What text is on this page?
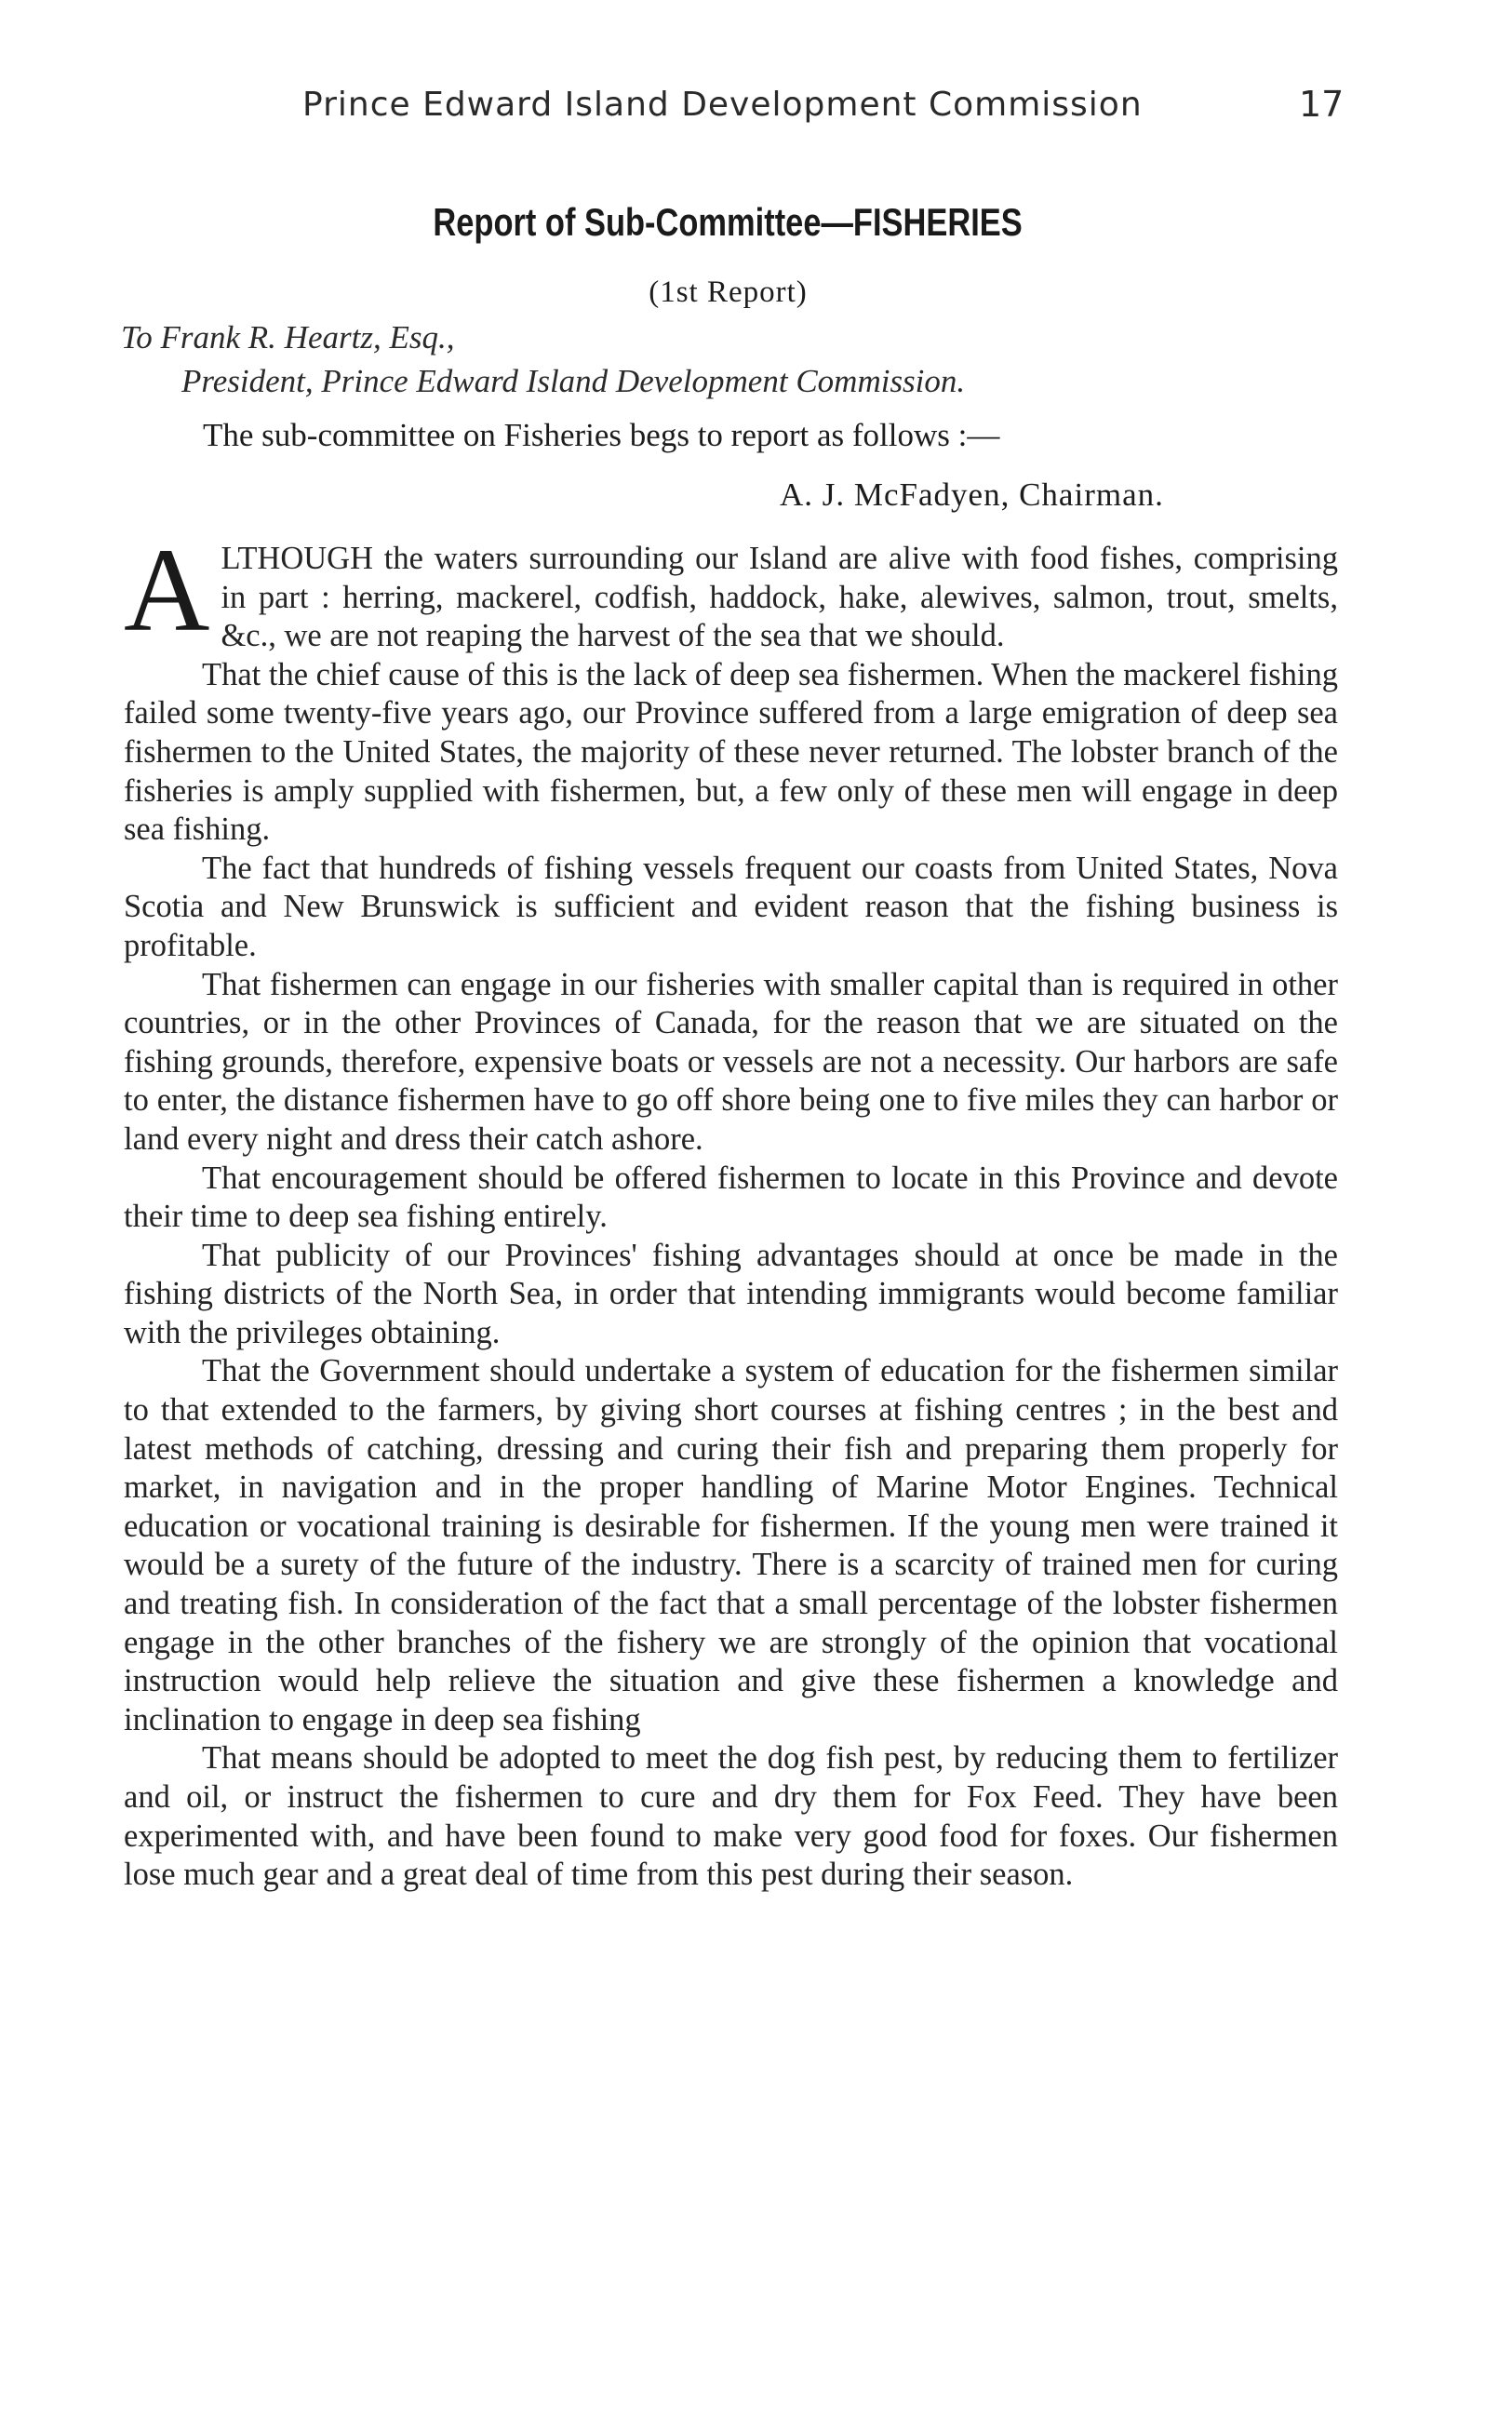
Prince Edward Island Development Commission	17
Report of Sub-Committee—FISHERIES
(1st Report)
To Frank R. Heartz, Esq.,
President, Prince Edward Island Development Commission.
The sub-committee on Fisheries begs to report as follows :—
A. J. McFadyen, Chairman.

ALTHOUGH the waters surrounding our Island are alive with food fishes, comprising in part : herring, mackerel, codfish, haddock, hake, alewives, salmon, trout, smelts, &c., we are not reaping the harvest of the sea that we should.

That the chief cause of this is the lack of deep sea fishermen. When the mackerel fishing failed some twenty-five years ago, our Province suffered from a large emigration of deep sea fishermen to the United States, the majority of these never returned. The lobster branch of the fisheries is amply supplied with fishermen, but, a few only of these men will engage in deep sea fishing.

The fact that hundreds of fishing vessels frequent our coasts from United States, Nova Scotia and New Brunswick is sufficient and evident reason that the fishing business is profitable.

That fishermen can engage in our fisheries with smaller capital than is required in other countries, or in the other Provinces of Canada, for the reason that we are situated on the fishing grounds, therefore, expensive boats or vessels are not a necessity. Our harbors are safe to enter, the distance fishermen have to go off shore being one to five miles they can harbor or land every night and dress their catch ashore.

That encouragement should be offered fishermen to locate in this Province and devote their time to deep sea fishing entirely.

That publicity of our Provinces' fishing advantages should at once be made in the fishing districts of the North Sea, in order that intending immigrants would become familiar with the privileges obtaining.

That the Government should undertake a system of education for the fishermen similar to that extended to the farmers, by giving short courses at fishing centres ; in the best and latest methods of catching, dressing and curing their fish and preparing them properly for market, in navigation and in the proper handling of Marine Motor Engines. Technical education or vocational training is desirable for fishermen. If the young men were trained it would be a surety of the future of the industry. There is a scarcity of trained men for curing and treating fish. In consideration of the fact that a small percentage of the lobster fishermen engage in the other branches of the fishery we are strongly of the opinion that vocational instruction would help relieve the situation and give these fishermen a knowledge and inclination to engage in deep sea fishing

That means should be adopted to meet the dog fish pest, by reducing them to fertilizer and oil, or instruct the fishermen to cure and dry them for Fox Feed. They have been experimented with, and have been found to make very good food for foxes. Our fishermen lose much gear and a great deal of time from this pest during their season.
